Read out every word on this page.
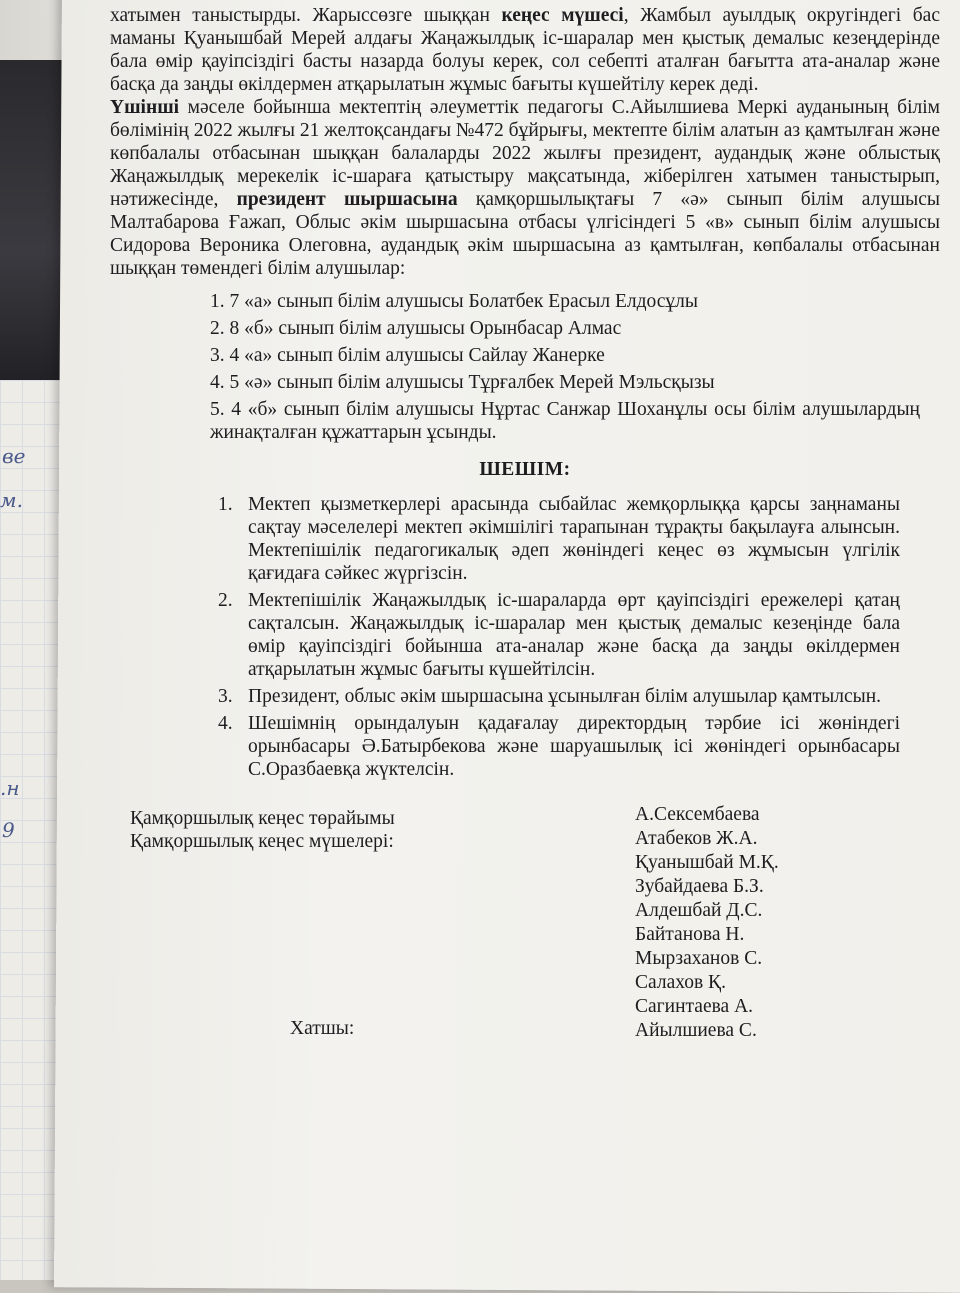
ве
м.
.н
9

хатымен таныстырды. Жарыссөзге шыққан кеңес мүшесі, Жамбыл ауылдық округіндегі бас маманы Қуанышбай Мерей алдағы Жаңажылдық іс-шаралар мен қыстық демалыс кезеңдерінде бала өмір қауіпсіздігі басты назарда болуы керек, сол себепті аталған бағытта ата-аналар және басқа да заңды өкілдермен атқарылатын жұмыс бағыты күшейтілу керек деді.

Үшінші мәселе бойынша мектептің әлеуметтік педагогы С.Айылшиева Меркі ауданының білім бөлімінің 2022 жылғы 21 желтоқсандағы №472 бұйрығы, мектепте білім алатын аз қамтылған және көпбалалы отбасынан шыққан балаларды 2022 жылғы президент, аудандық және облыстық Жаңажылдық мерекелік іс-шараға қатыстыру мақсатында, жіберілген хатымен таныстырып, нәтижесінде, президент шыршасына қамқоршылықтағы 7 «ә» сынып білім алушысы Малтабарова Ғажап, Облыс әкім шыршасына отбасы үлгісіндегі 5 «в» сынып білім алушысы Сидорова Вероника Олеговна, аудандық әкім шыршасына аз қамтылған, көпбалалы отбасынан шыққан төмендегі білім алушылар:

1. 7 «а» сынып білім алушысы Болатбек Ерасыл Елдосұлы
2. 8 «б» сынып білім алушысы Орынбасар Алмас
3. 4 «а» сынып білім алушысы Сайлау Жанерке
4. 5 «ә» сынып білім алушысы Тұрғалбек Мерей Мэльсқызы
5. 4 «б» сынып білім алушысы Нұртас Санжар Шоханұлы осы білім алушылардың жинақталған құжаттарын ұсынды.
ШЕШІМ:
1. Мектеп қызметкерлері арасында сыбайлас жемқорлыққа қарсы заңнаманы сақтау мәселелері мектеп әкімшілігі тарапынан тұрақты бақылауға алынсын. Мектепішілік педагогикалық әдеп жөніндегі кеңес өз жұмысын үлгілік қағидаға сәйкес жүргізсін.
2. Мектепішілік Жаңажылдық іс-шараларда өрт қауіпсіздігі ережелері қатаң сақталсын. Жаңажылдық іс-шаралар мен қыстық демалыс кезеңінде бала өмір қауіпсіздігі бойынша ата-аналар және басқа да заңды өкілдермен атқарылатын жұмыс бағыты күшейтілсін.
3. Президент, облыс әкім шыршасына ұсынылған білім алушылар қамтылсын.
4. Шешімнің орындалуын қадағалау директордың тәрбие ісі жөніндегі орынбасары Ә.Батырбекова және шаруашылық ісі жөніндегі орынбасары С.Оразбаевқа жүктелсін.
Қамқоршылық кеңес төрайымы
Қамқоршылық кеңес мүшелері:
А.Сексембаева
Атабеков Ж.А.
Қуанышбай М.Қ.
Зубайдаева Б.З.
Алдешбай Д.С.
Байтанова Н.
Мырзаханов С.
Салахов Қ.
Сагинтаева А.
Айылшиева С.
Хатшы:
